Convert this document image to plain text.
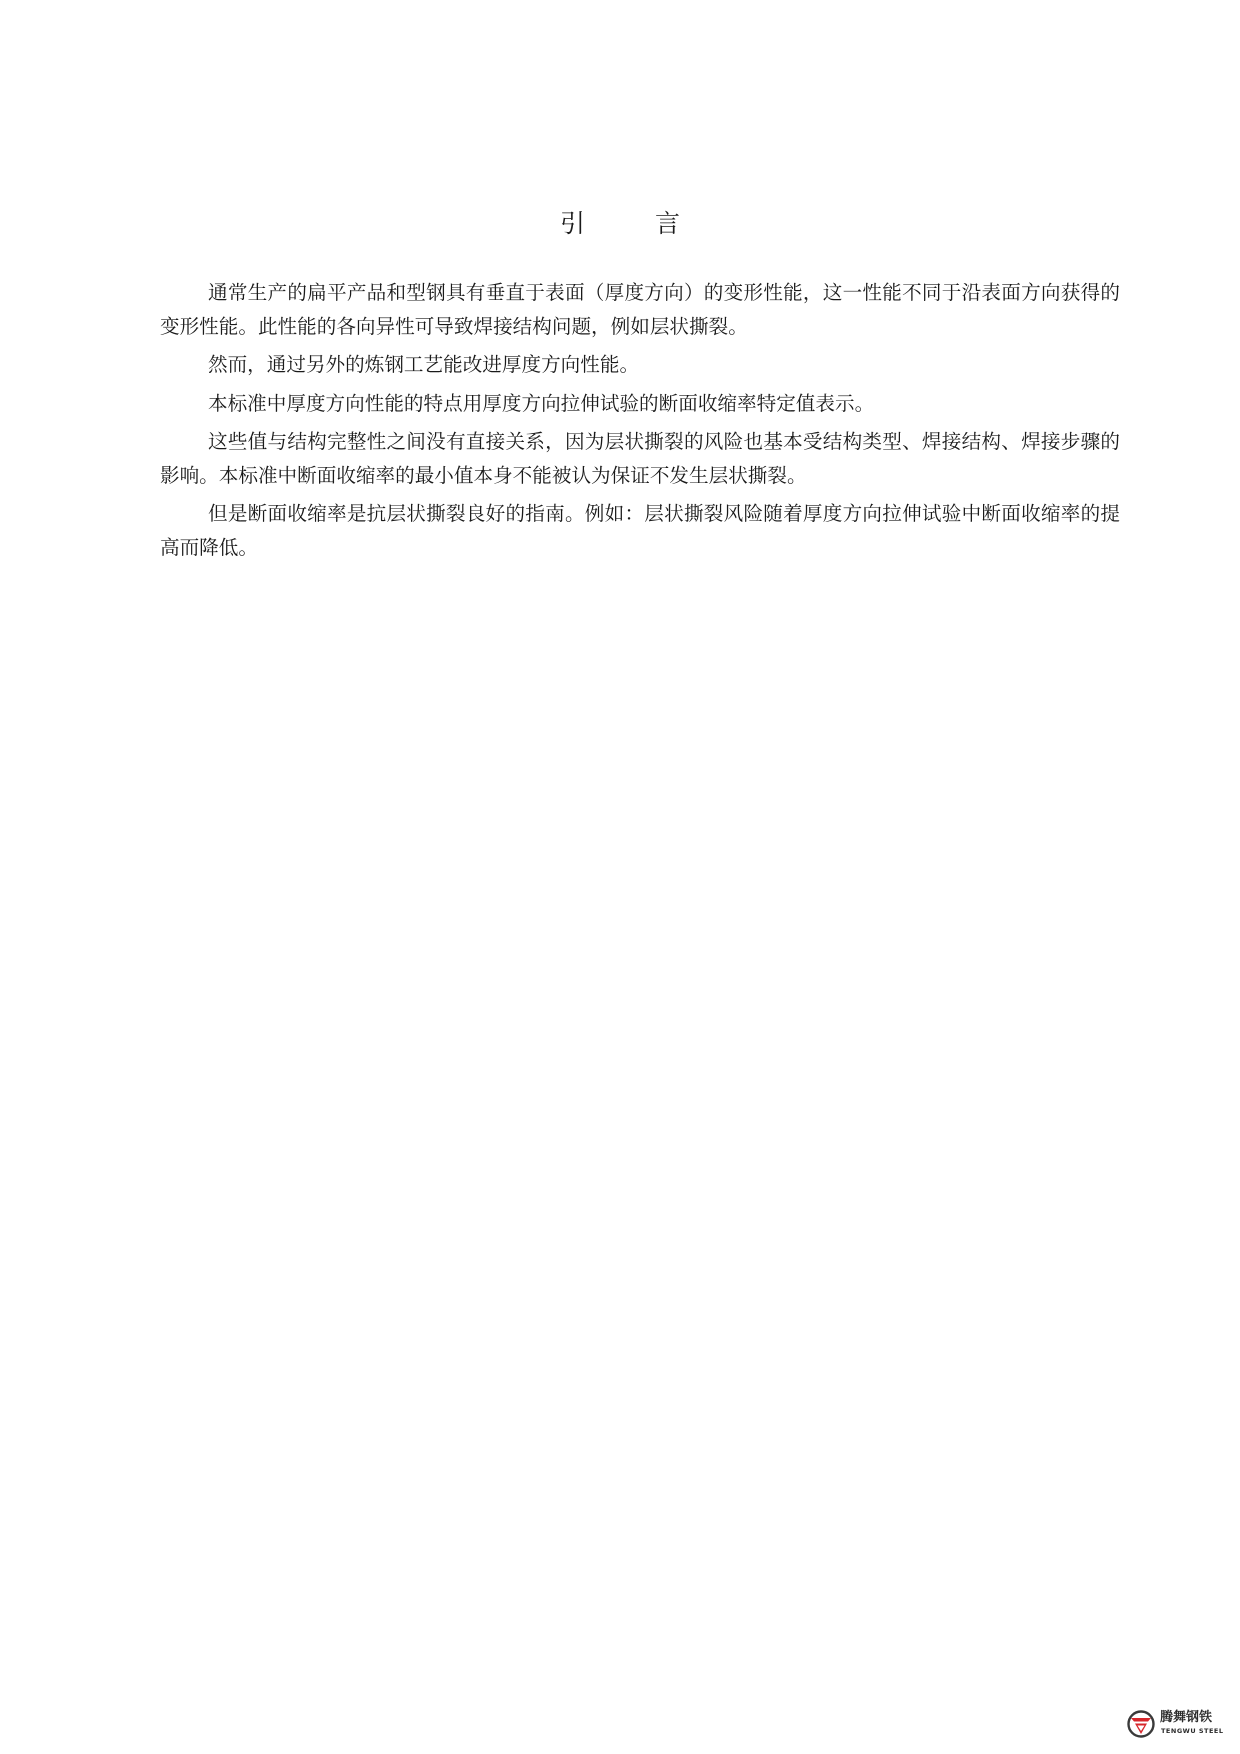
引言

通常生产的扁平产品和型钢具有垂直于表面（厚度方向）的变形性能，这一性能不同于沿表面方向获得的变形性能。此性能的各向异性可导致焊接结构问题，例如层状撕裂。

然而，通过另外的炼钢工艺能改进厚度方向性能。

本标准中厚度方向性能的特点用厚度方向拉伸试验的断面收缩率特定值表示。

这些值与结构完整性之间没有直接关系，因为层状撕裂的风险也基本受结构类型、焊接结构、焊接步骤的影响。本标准中断面收缩率的最小值本身不能被认为保证不发生层状撕裂。

但是断面收缩率是抗层状撕裂良好的指南。例如：层状撕裂风险随着厚度方向拉伸试验中断面收缩率的提高而降低。

腾舞钢铁
TENGWU STEEL
